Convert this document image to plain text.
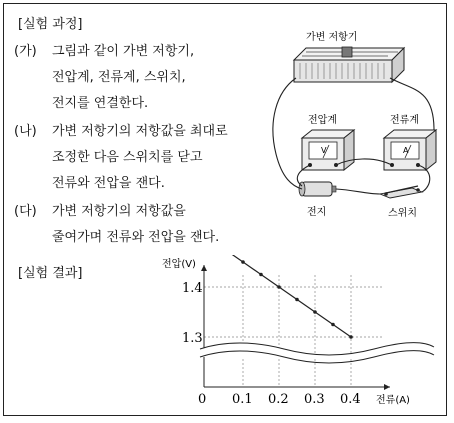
[실험 과정]
(가) 그림과 같이 가변 저항기,
전압계, 전류계, 스위치,
전지를 연결한다.
(나) 가변 저항기의 저항값을 최대로
조정한 다음 스위치를 닫고
전류와 전압을 잰다.
(다) 가변 저항기의 저항값을
줄여가며 전류와 전압을 잰다.
[실험 결과]
가변 저항기
V
전압계
A
전류계
전지	스위치
1.3
1.4
0.1 0.2 0.3 0.4
전압(V)
전류(A)
0
